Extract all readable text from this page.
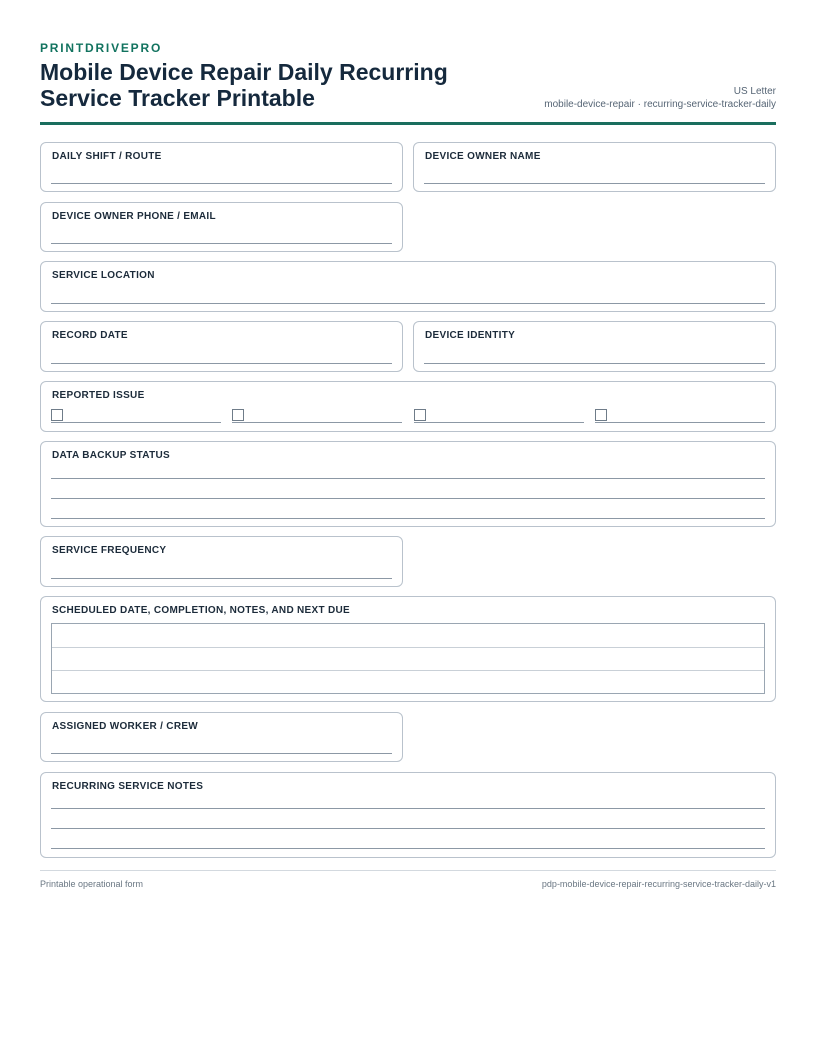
PRINTDRIVEPRO
Mobile Device Repair Daily Recurring Service Tracker Printable	US Letter
mobile-device-repair · recurring-service-tracker-daily
DAILY SHIFT / ROUTE	DEVICE OWNER NAME
DEVICE OWNER PHONE / EMAIL
SERVICE LOCATION
RECORD DATE	DEVICE IDENTITY
REPORTED ISSUE
DATA BACKUP STATUS
SERVICE FREQUENCY
SCHEDULED DATE, COMPLETION, NOTES, AND NEXT DUE
ASSIGNED WORKER / CREW
RECURRING SERVICE NOTES
Printable operational form	pdp-mobile-device-repair-recurring-service-tracker-daily-v1
